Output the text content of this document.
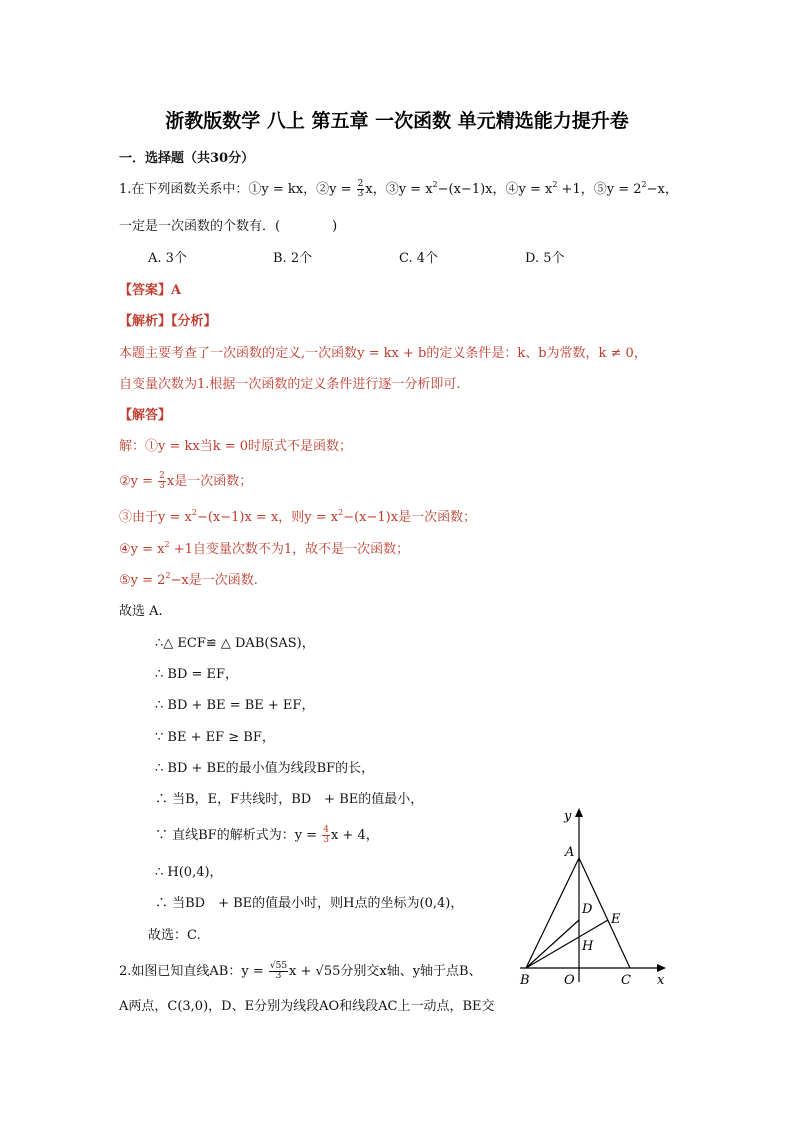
浙教版数学 八上 第五章 一次函数 单元精选能力提升卷
一．选择题（共30分）
1.在下列函数关系中：①y = kx，②y = $\frac{2}{3}$ x，③y = $x^2-(x-1)x$，④y = $x^2 +1$，⑤y = $2^2-x$，
一定是一次函数的个数有．(　　　　)
A. 3个	B. 2个	C. 4个	D. 5个
【答案】A
【解析】【分析】
本题主要考查了一次函数的定义,一次函数y = kx + b的定义条件是：k、b为常数，k ≠ 0，
自变量次数为1.根据一次函数的定义条件进行逐一分析即可.
【解答】
解：①y = kx当k = 0时原式不是函数；
②y = $\frac{2}{3}$ x是一次函数；
③由于$y = x^2-(x-1)x = x$，则$y = x^2-(x-1)x$是一次函数；
④y = $x^2 +1$自变量次数不为1，故不是一次函数；
⑤y = $2^2-x$是一次函数.
故选 A.
∴△ ECF≌ △ DAB(SAS)，
∴ BD = EF，
∴ BD + BE = BE + EF，
∵ BE + EF ≥ BF，
∴ BD + BE的最小值为线段BF的长，
∴ 当B，E，F共线时，BD　+ BE的值最小，
∵ 直线BF的解析式为：$y = \frac{4}{3}$ x + 4，
∴ H(0,4)，
∴ 当BD　+ BE的值最小时，则H点的坐标为(0,4)，
故选：C.
2.如图已知直线AB：$y = \frac{√55}{3}$ x + √55分别交x轴、y轴于点B、
A两点，C(3,0)，D、E分别为线段AO和线段AC上一动点，BE交
y
x
A
B	C
D
E
H
O
